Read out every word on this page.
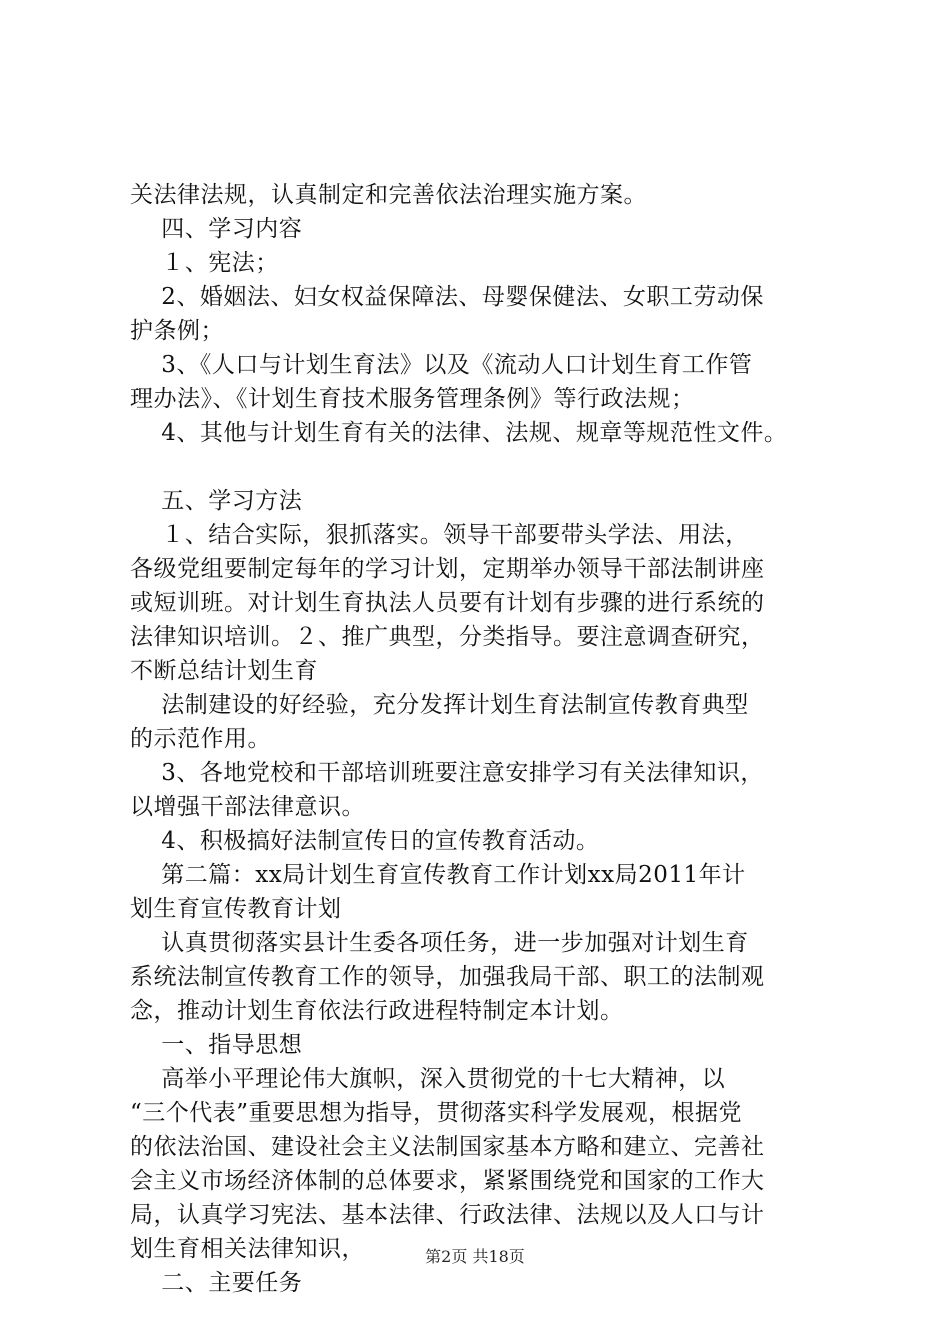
关法律法规，认真制定和完善依法治理实施方案。
四、学习内容
１、宪法；
2、婚姻法、妇女权益保障法、母婴保健法、女职工劳动保
护条例；
3、《人口与计划生育法》以及《流动人口计划生育工作管
理办法》、《计划生育技术服务管理条例》等行政法规；
4、其他与计划生育有关的法律、法规、规章等规范性文件。
五、学习方法
１、结合实际，狠抓落实。领导干部要带头学法、用法，
各级党组要制定每年的学习计划，定期举办领导干部法制讲座
或短训班。对计划生育执法人员要有计划有步骤的进行系统的
法律知识培训。２、推广典型，分类指导。要注意调查研究，
不断总结计划生育
法制建设的好经验，充分发挥计划生育法制宣传教育典型
的示范作用。
3、各地党校和干部培训班要注意安排学习有关法律知识，
以增强干部法律意识。
4、积极搞好法制宣传日的宣传教育活动。
第二篇：xx局计划生育宣传教育工作计划xx局2011年计
划生育宣传教育计划
认真贯彻落实县计生委各项任务，进一步加强对计划生育
系统法制宣传教育工作的领导，加强我局干部、职工的法制观
念，推动计划生育依法行政进程特制定本计划。
一、指导思想
高举小平理论伟大旗帜，深入贯彻党的十七大精神，以
“三个代表”重要思想为指导，贯彻落实科学发展观，根据党
的依法治国、建设社会主义法制国家基本方略和建立、完善社
会主义市场经济体制的总体要求，紧紧围绕党和国家的工作大
局，认真学习宪法、基本法律、行政法律、法规以及人口与计
划生育相关法律知识，
二、主要任务
第2页 共18页
